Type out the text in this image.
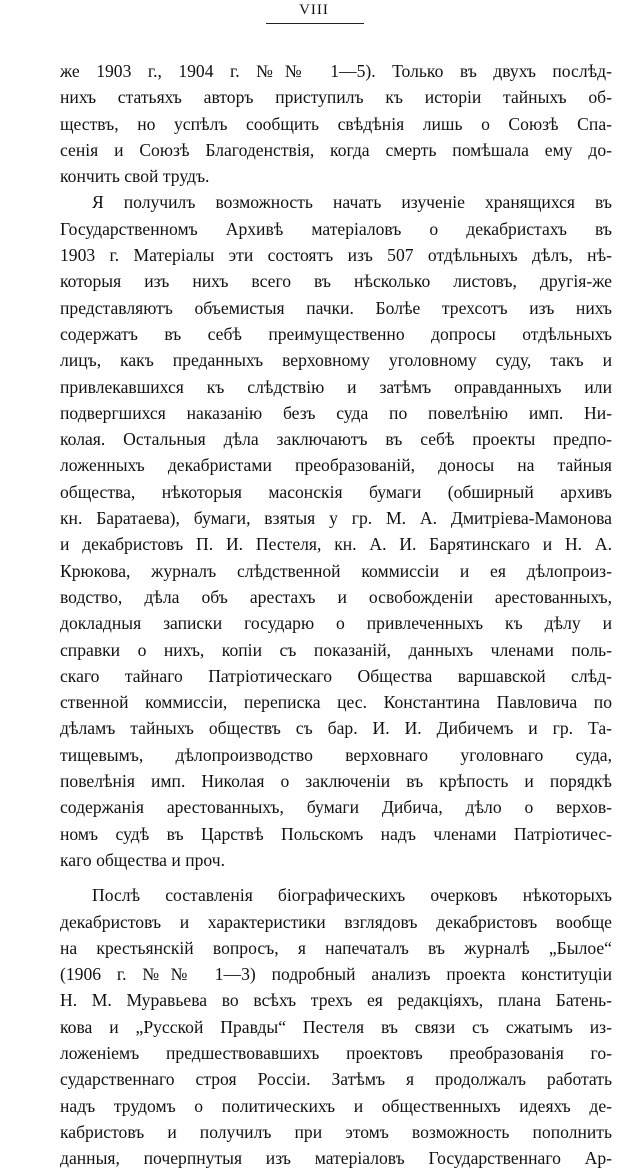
VIII
же 1903 г., 1904 г. №№ 1—5). Только въ двухъ послѣд-
нихъ статьяхъ авторъ приступилъ къ исторіи тайныхъ об-
ществъ, но успѣлъ сообщить свѣдѣнія лишь о Союзѣ Спа-
сенія и Союзѣ Благоденствія, когда смерть помѣшала ему до-
кончить свой трудъ.
Я получилъ возможность начать изученіе хранящихся въ
Государственномъ Архивѣ матеріаловъ о декабристахъ въ
1903 г. Матеріалы эти состоятъ изъ 507 отдѣльныхъ дѣлъ, нѣ-
которыя изъ нихъ всего въ нѣсколько листовъ, другія-же
представляютъ объемистыя пачки. Болѣе трехсотъ изъ нихъ
содержатъ въ себѣ преимущественно допросы отдѣльныхъ
лицъ, какъ преданныхъ верховному уголовному суду, такъ и
привлекавшихся къ слѣдствію и затѣмъ оправданныхъ или
подвергшихся наказанію безъ суда по повелѣнію имп. Ни-
колая. Остальныя дѣла заключаютъ въ себѣ проекты предпо-
ложенныхъ декабристами преобразованій, доносы на тайныя
общества, нѣкоторыя масонскія бумаги (обширный архивъ
кн. Баратаева), бумаги, взятыя у гр. М. А. Дмитріева-Мамонова
и декабристовъ П. И. Пестеля, кн. А. И. Барятинскаго и Н. А.
Крюкова, журналъ слѣдственной коммиссіи и ея дѣлопроиз-
водство, дѣла объ арестахъ и освобожденіи арестованныхъ,
докладныя записки государю о привлеченныхъ къ дѣлу и
справки о нихъ, копіи съ показаній, данныхъ членами поль-
скаго тайнаго Патріотическаго Общества варшавской слѣд-
ственной коммиссіи, переписка цес. Константина Павловича по
дѣламъ тайныхъ обществъ съ бар. И. И. Дибичемъ и гр. Та-
тищевымъ, дѣлопроизводство верховнаго уголовнаго суда,
повелѣнія имп. Николая о заключеніи въ крѣпость и порядкѣ
содержанія арестованныхъ, бумаги Дибича, дѣло о верхов-
номъ судѣ въ Царствѣ Польскомъ надъ членами Патріотичес-
каго общества и проч.
Послѣ составленія біографическихъ очерковъ нѣкоторыхъ
декабристовъ и характеристики взглядовъ декабристовъ вообще
на крестьянскій вопросъ, я напечаталъ въ журналѣ „Былое“
(1906 г. №№ 1—3) подробный анализъ проекта конституціи
Н. М. Муравьева во всѣхъ трехъ ея редакціяхъ, плана Батень-
кова и „Русской Правды“ Пестеля въ связи съ сжатымъ из-
ложеніемъ предшествовавшихъ проектовъ преобразованія го-
сударственнаго строя Россіи. Затѣмъ я продолжалъ работать
надъ трудомъ о политическихъ и общественныхъ идеяхъ де-
кабристовъ и получилъ при этомъ возможность пополнить
данныя, почерпнутыя изъ матеріаловъ Государственнаго Ар-
